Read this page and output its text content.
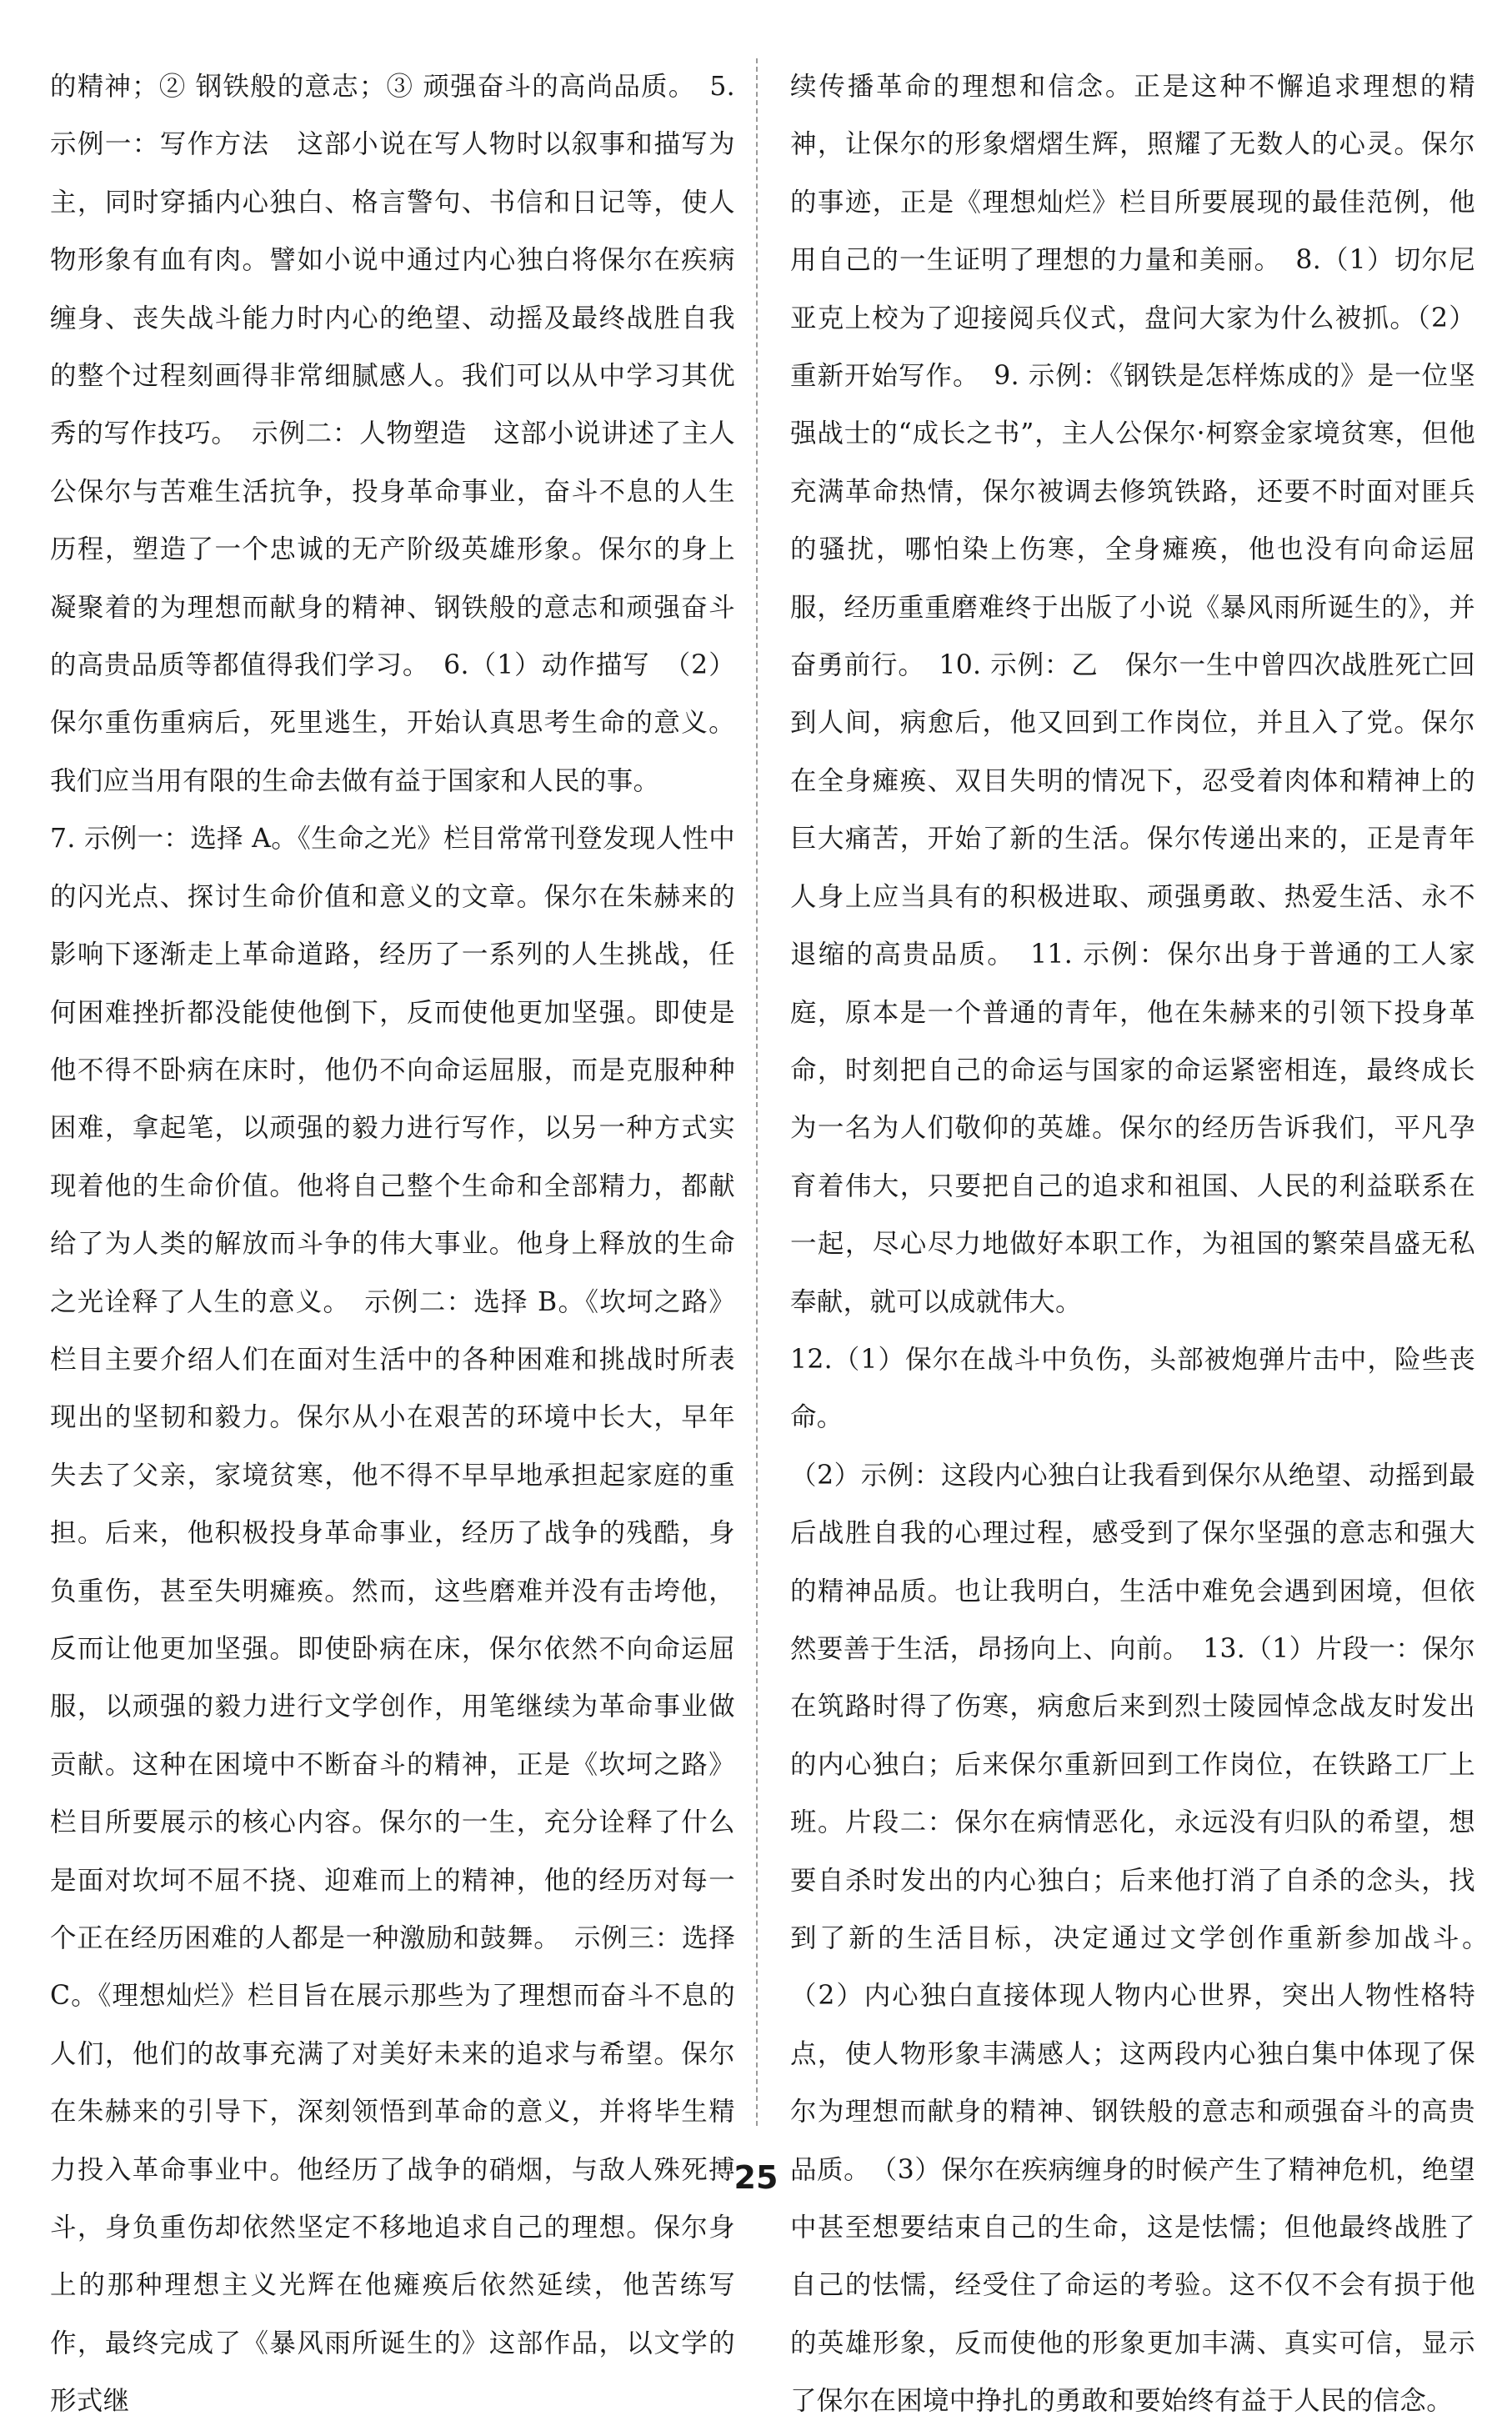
的精神；② 钢铁般的意志；③ 顽强奋斗的高尚品质。　5. 示例一：写作方法　这部小说在写人物时以叙事和描写为主，同时穿插内心独白、格言警句、书信和日记等，使人物形象有血有肉。譬如小说中通过内心独白将保尔在疾病缠身、丧失战斗能力时内心的绝望、动摇及最终战胜自我的整个过程刻画得非常细腻感人。我们可以从中学习其优秀的写作技巧。　示例二：人物塑造　这部小说讲述了主人公保尔与苦难生活抗争，投身革命事业，奋斗不息的人生历程，塑造了一个忠诚的无产阶级英雄形象。保尔的身上凝聚着的为理想而献身的精神、钢铁般的意志和顽强奋斗的高贵品质等都值得我们学习。　6.（1）动作描写　（2）保尔重伤重病后，死里逃生，开始认真思考生命的意义。我们应当用有限的生命去做有益于国家和人民的事。

7. 示例一：选择 A。《生命之光》栏目常常刊登发现人性中的闪光点、探讨生命价值和意义的文章。保尔在朱赫来的影响下逐渐走上革命道路，经历了一系列的人生挑战，任何困难挫折都没能使他倒下，反而使他更加坚强。即使是他不得不卧病在床时，他仍不向命运屈服，而是克服种种困难，拿起笔，以顽强的毅力进行写作，以另一种方式实现着他的生命价值。他将自己整个生命和全部精力，都献给了为人类的解放而斗争的伟大事业。他身上释放的生命之光诠释了人生的意义。　示例二：选择 B。《坎坷之路》栏目主要介绍人们在面对生活中的各种困难和挑战时所表现出的坚韧和毅力。保尔从小在艰苦的环境中长大，早年失去了父亲，家境贫寒，他不得不早早地承担起家庭的重担。后来，他积极投身革命事业，经历了战争的残酷，身负重伤，甚至失明瘫痪。然而，这些磨难并没有击垮他，反而让他更加坚强。即使卧病在床，保尔依然不向命运屈服，以顽强的毅力进行文学创作，用笔继续为革命事业做贡献。这种在困境中不断奋斗的精神，正是《坎坷之路》栏目所要展示的核心内容。保尔的一生，充分诠释了什么是面对坎坷不屈不挠、迎难而上的精神，他的经历对每一个正在经历困难的人都是一种激励和鼓舞。　示例三：选择 C。《理想灿烂》栏目旨在展示那些为了理想而奋斗不息的人们，他们的故事充满了对美好未来的追求与希望。保尔在朱赫来的引导下，深刻领悟到革命的意义，并将毕生精力投入革命事业中。他经历了战争的硝烟，与敌人殊死搏斗，身负重伤却依然坚定不移地追求自己的理想。保尔身上的那种理想主义光辉在他瘫痪后依然延续，他苦练写作，最终完成了《暴风雨所诞生的》这部作品，以文学的形式继

续传播革命的理想和信念。正是这种不懈追求理想的精神，让保尔的形象熠熠生辉，照耀了无数人的心灵。保尔的事迹，正是《理想灿烂》栏目所要展现的最佳范例，他用自己的一生证明了理想的力量和美丽。　8.（1）切尔尼亚克上校为了迎接阅兵仪式，盘问大家为什么被抓。（2）重新开始写作。　9. 示例：《钢铁是怎样炼成的》是一位坚强战士的“成长之书”，主人公保尔·柯察金家境贫寒，但他充满革命热情，保尔被调去修筑铁路，还要不时面对匪兵的骚扰，哪怕染上伤寒，全身瘫痪，他也没有向命运屈服，经历重重磨难终于出版了小说《暴风雨所诞生的》，并奋勇前行。　10. 示例：乙　保尔一生中曾四次战胜死亡回到人间，病愈后，他又回到工作岗位，并且入了党。保尔在全身瘫痪、双目失明的情况下，忍受着肉体和精神上的巨大痛苦，开始了新的生活。保尔传递出来的，正是青年人身上应当具有的积极进取、顽强勇敢、热爱生活、永不退缩的高贵品质。　11. 示例：保尔出身于普通的工人家庭，原本是一个普通的青年，他在朱赫来的引领下投身革命，时刻把自己的命运与国家的命运紧密相连，最终成长为一名为人们敬仰的英雄。保尔的经历告诉我们，平凡孕育着伟大，只要把自己的追求和祖国、人民的利益联系在一起，尽心尽力地做好本职工作，为祖国的繁荣昌盛无私奉献，就可以成就伟大。

12.（1）保尔在战斗中负伤，头部被炮弹片击中，险些丧命。

（2）示例：这段内心独白让我看到保尔从绝望、动摇到最后战胜自我的心理过程，感受到了保尔坚强的意志和强大的精神品质。也让我明白，生活中难免会遇到困境，但依然要善于生活，昂扬向上、向前。　13.（1）片段一：保尔在筑路时得了伤寒，病愈后来到烈士陵园悼念战友时发出的内心独白；后来保尔重新回到工作岗位，在铁路工厂上班。片段二：保尔在病情恶化，永远没有归队的希望，想要自杀时发出的内心独白；后来他打消了自杀的念头，找到了新的生活目标，决定通过文学创作重新参加战斗。　（2）内心独白直接体现人物内心世界，突出人物性格特点，使人物形象丰满感人；这两段内心独白集中体现了保尔为理想而献身的精神、钢铁般的意志和顽强奋斗的高贵品质。　（3）保尔在疾病缠身的时候产生了精神危机，绝望中甚至想要结束自己的生命，这是怯懦；但他最终战胜了自己的怯懦，经受住了命运的考验。这不仅不会有损于他的英雄形象，反而使他的形象更加丰满、真实可信，显示了保尔在困境中挣扎的勇敢和要始终有益于人民的信念。

25
